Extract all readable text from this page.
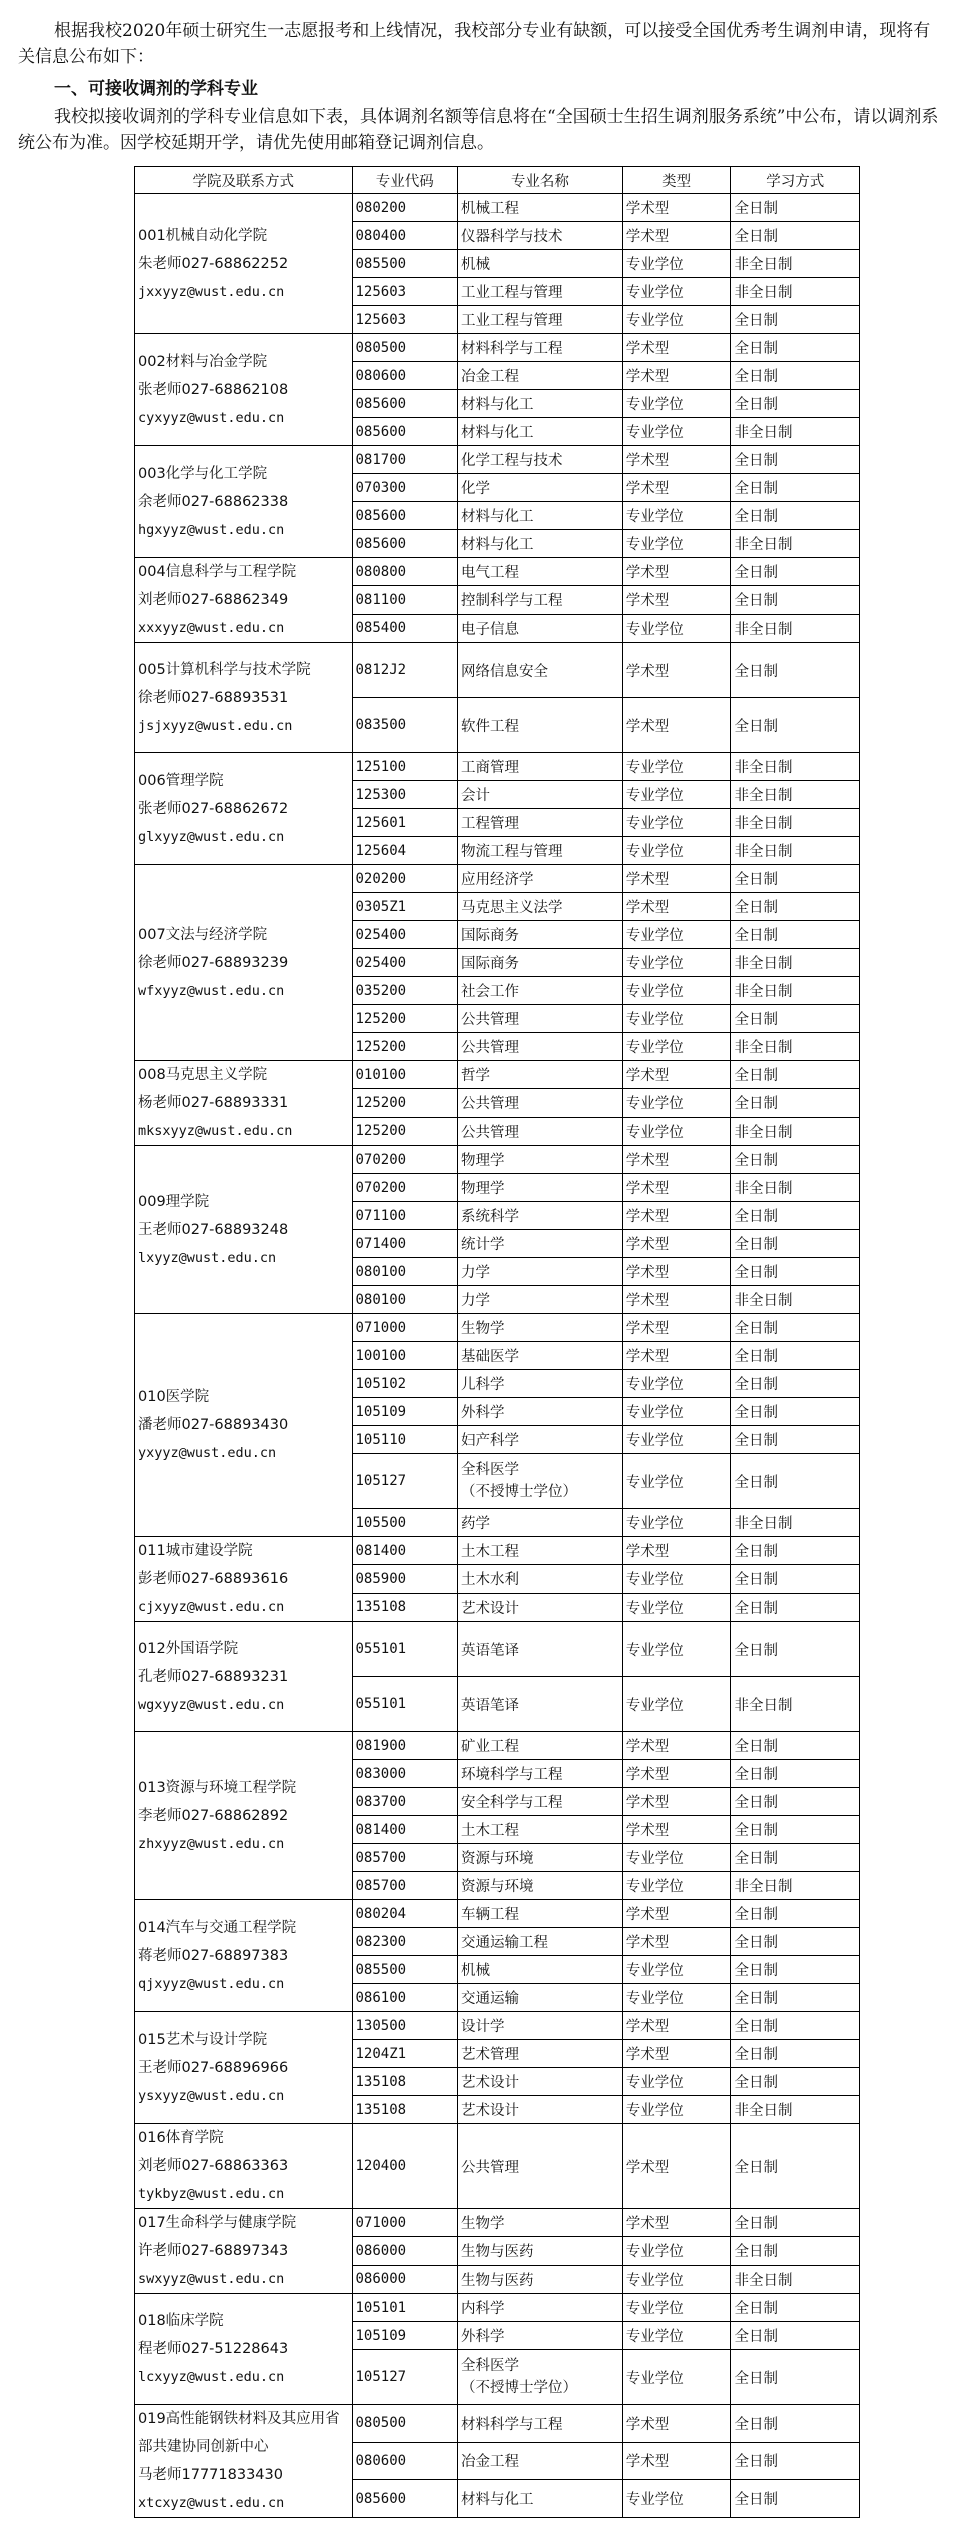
根据我校2020年硕士研究生一志愿报考和上线情况，我校部分专业有缺额，可以接受全国优秀考生调剂申请，现将有关信息公布如下：

一、可接收调剂的学科专业

我校拟接收调剂的学科专业信息如下表，具体调剂名额等信息将在“全国硕士生招生调剂服务系统”中公布，请以调剂系统公布为准。因学校延期开学，请优先使用邮箱登记调剂信息。

学院及联系方式	专业代码	专业名称	类型	学习方式

001机械自动化学院
朱老师027-68862252
jxxyyz@wust.edu.cn	080200	机械工程	学术型	全日制
	080400	仪器科学与技术	学术型	全日制
	085500	机械	专业学位	非全日制
	125603	工业工程与管理	专业学位	非全日制
	125603	工业工程与管理	专业学位	全日制

002材料与冶金学院
张老师027-68862108
cyxyyz@wust.edu.cn	080500	材料科学与工程	学术型	全日制
	080600	冶金工程	学术型	全日制
	085600	材料与化工	专业学位	全日制
	085600	材料与化工	专业学位	非全日制

003化学与化工学院
余老师027-68862338
hgxyyz@wust.edu.cn	081700	化学工程与技术	学术型	全日制
	070300	化学	学术型	全日制
	085600	材料与化工	专业学位	全日制
	085600	材料与化工	专业学位	非全日制

004信息科学与工程学院
刘老师027-68862349
xxxyyz@wust.edu.cn	080800	电气工程	学术型	全日制
	081100	控制科学与工程	学术型	全日制
	085400	电子信息	专业学位	非全日制

005计算机科学与技术学院
徐老师027-68893531
jsjxyyz@wust.edu.cn	0812J2	网络信息安全	学术型	全日制
	083500	软件工程	学术型	全日制

006管理学院
张老师027-68862672
glxyyz@wust.edu.cn	125100	工商管理	专业学位	非全日制
	125300	会计	专业学位	非全日制
	125601	工程管理	专业学位	非全日制
	125604	物流工程与管理	专业学位	非全日制

007文法与经济学院
徐老师027-68893239
wfxyyz@wust.edu.cn	020200	应用经济学	学术型	全日制
	0305Z1	马克思主义法学	学术型	全日制
	025400	国际商务	专业学位	全日制
	025400	国际商务	专业学位	非全日制
	035200	社会工作	专业学位	非全日制
	125200	公共管理	专业学位	全日制
	125200	公共管理	专业学位	非全日制

008马克思主义学院
杨老师027-68893331
mksxyyz@wust.edu.cn	010100	哲学	学术型	全日制
	125200	公共管理	专业学位	全日制
	125200	公共管理	专业学位	非全日制

009理学院
王老师027-68893248
lxyyz@wust.edu.cn	070200	物理学	学术型	全日制
	070200	物理学	学术型	非全日制
	071100	系统科学	学术型	全日制
	071400	统计学	学术型	全日制
	080100	力学	学术型	全日制
	080100	力学	学术型	非全日制

010医学院
潘老师027-68893430
yxyyz@wust.edu.cn	071000	生物学	学术型	全日制
	100100	基础医学	学术型	全日制
	105102	儿科学	专业学位	全日制
	105109	外科学	专业学位	全日制
	105110	妇产科学	专业学位	全日制
	105127	全科医学
（不授博士学位）	专业学位	全日制
	105500	药学	专业学位	非全日制

011城市建设学院
彭老师027-68893616
cjxyyz@wust.edu.cn	081400	土木工程	学术型	全日制
	085900	土木水利	专业学位	全日制
	135108	艺术设计	专业学位	全日制

012外国语学院
孔老师027-68893231
wgxyyz@wust.edu.cn	055101	英语笔译	专业学位	全日制
	055101	英语笔译	专业学位	非全日制

013资源与环境工程学院
李老师027-68862892
zhxyyz@wust.edu.cn	081900	矿业工程	学术型	全日制
	083000	环境科学与工程	学术型	全日制
	083700	安全科学与工程	学术型	全日制
	081400	土木工程	学术型	全日制
	085700	资源与环境	专业学位	全日制
	085700	资源与环境	专业学位	非全日制

014汽车与交通工程学院
蒋老师027-68897383
qjxyyz@wust.edu.cn	080204	车辆工程	学术型	全日制
	082300	交通运输工程	学术型	全日制
	085500	机械	专业学位	全日制
	086100	交通运输	专业学位	全日制

015艺术与设计学院
王老师027-68896966
ysxyyz@wust.edu.cn	130500	设计学	学术型	全日制
	1204Z1	艺术管理	学术型	全日制
	135108	艺术设计	专业学位	全日制
	135108	艺术设计	专业学位	非全日制

016体育学院
刘老师027-68863363
tykbyz@wust.edu.cn	120400	公共管理	学术型	全日制

017生命科学与健康学院
许老师027-68897343
swxyyz@wust.edu.cn	071000	生物学	学术型	全日制
	086000	生物与医药	专业学位	全日制
	086000	生物与医药	专业学位	非全日制

018临床学院
程老师027-51228643
lcxyyz@wust.edu.cn	105101	内科学	专业学位	全日制
	105109	外科学	专业学位	全日制
	105127	全科医学
（不授博士学位）	专业学位	全日制

019高性能钢铁材料及其应用省部共建协同创新中心
马老师17771833430
xtcxyz@wust.edu.cn	080500	材料科学与工程	学术型	全日制
	080600	冶金工程	学术型	全日制
	085600	材料与化工	专业学位	全日制
